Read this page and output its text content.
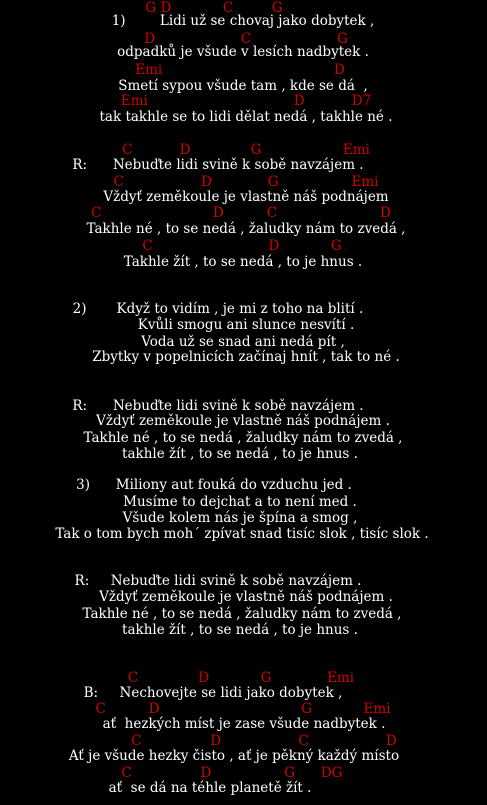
G D            C         G
1)        Lidi už se chovaj jako dobytek ,
D                    C                    G
odpadků je všude v lesích nadbytek .
Emi                                        D
Smetí sypou všude tam , kde se dá  ,
Emi                                  D           D7
tak takhle se to lidi dělat nedá , takhle né .
C           D              G                   Emi
R:      Nebuďte lidi svině k sobě navzájem .
C                  D             G                 Emi
Vždyť zeměkoule je vlastně náš podnájem
C                          D          C                        D
Takhle né , to se nedá , žaludky nám to zvedá ,
C                           D            G
Takhle žít , to se nedá , to je hnus .
2)       Když to vidím , je mi z toho na blití .
Kvůli smogu ani slunce nesvítí .
Voda už se snad ani nedá pít ,
Zbytky v popelnicích začínaj hnít , tak to né .
R:      Nebuďte lidi svině k sobě navzájem .
Vždyť zeměkoule je vlastně náš podnájem .
Takhle né , to se nedá , žaludky nám to zvedá ,
takhle žít , to se nedá , to je hnus .
3)      Miliony aut fouká do vzduchu jed .
Musíme to dejchat a to není med .
Všude kolem nás je špína a smog ,
Tak o tom bych moh´ zpívat snad tisíc slok , tisíc slok .
R:     Nebuďte lidi svině k sobě navzájem .
Vždyť zeměkoule je vlastně náš podnájem .
Takhle né , to se nedá , žaludky nám to zvedá ,
takhle žít , to se nedá , to je hnus .
C              D            G             Emi
B:     Nechovejte se lidi jako dobytek ,
C          D                                 G            Emi
ať  hezkých míst je zase všude nadbytek .
C                D                  C                  D
Ať je všude hezky čisto , ať je pěkný každý místo
C                D                 G      DG
ať  se dá na téhle planetě žít .
